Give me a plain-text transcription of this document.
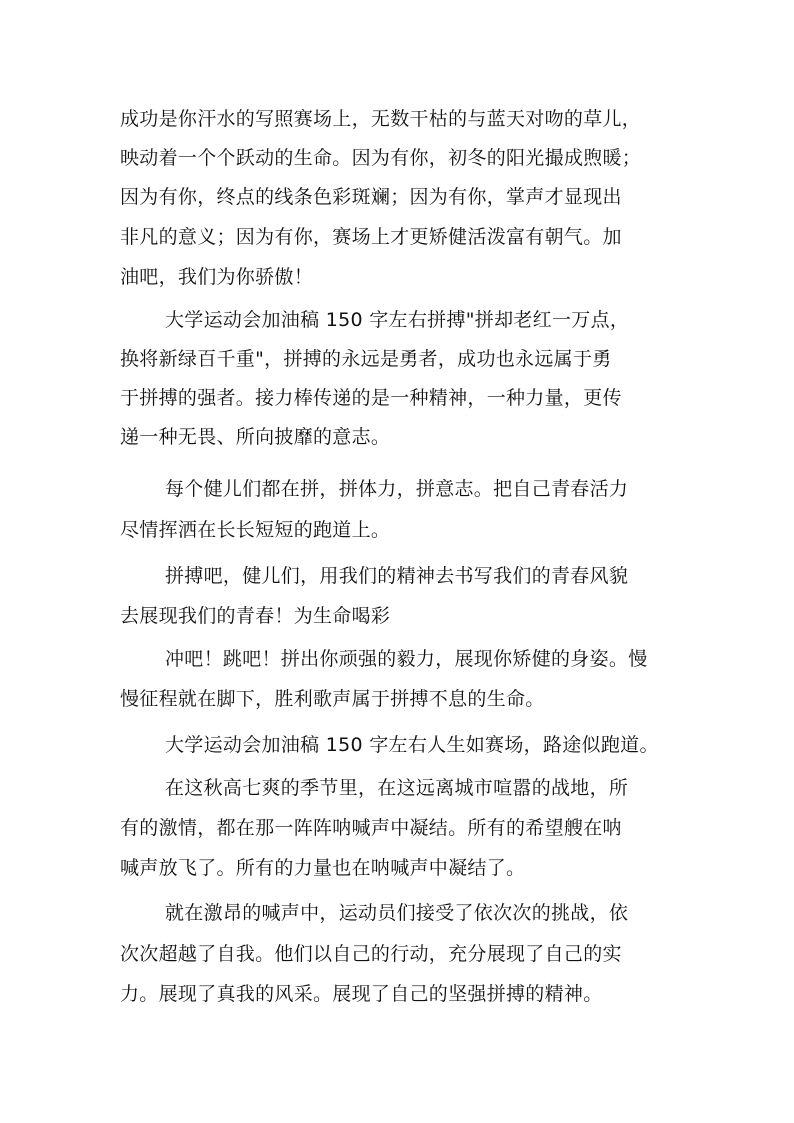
成功是你汗水的写照赛场上，无数干枯的与蓝天对吻的草儿，
映动着一个个跃动的生命。因为有你，初冬的阳光撮成煦暖；
因为有你，终点的线条色彩斑斓；因为有你，掌声才显现出
非凡的意义；因为有你，赛场上才更矫健活泼富有朝气。加
油吧，我们为你骄傲！
大学运动会加油稿 150 字左右拼搏"拼却老红一万点，
换将新绿百千重"，拼搏的永远是勇者，成功也永远属于勇
于拼搏的强者。接力棒传递的是一种精神，一种力量，更传
递一种无畏、所向披靡的意志。
每个健儿们都在拼，拼体力，拼意志。把自己青春活力
尽情挥洒在长长短短的跑道上。
拼搏吧，健儿们，用我们的精神去书写我们的青春风貌
去展现我们的青春！为生命喝彩
冲吧！跳吧！拼出你顽强的毅力，展现你矫健的身姿。慢
慢征程就在脚下，胜利歌声属于拼搏不息的生命。
大学运动会加油稿 150 字左右人生如赛场，路途似跑道。
在这秋高七爽的季节里，在这远离城市喧嚣的战地，所
有的激情，都在那一阵阵呐喊声中凝结。所有的希望艘在呐
喊声放飞了。所有的力量也在呐喊声中凝结了。
就在激昂的喊声中，运动员们接受了依次次的挑战，依
次次超越了自我。他们以自己的行动，充分展现了自己的实
力。展现了真我的风采。展现了自己的坚强拼搏的精神。
